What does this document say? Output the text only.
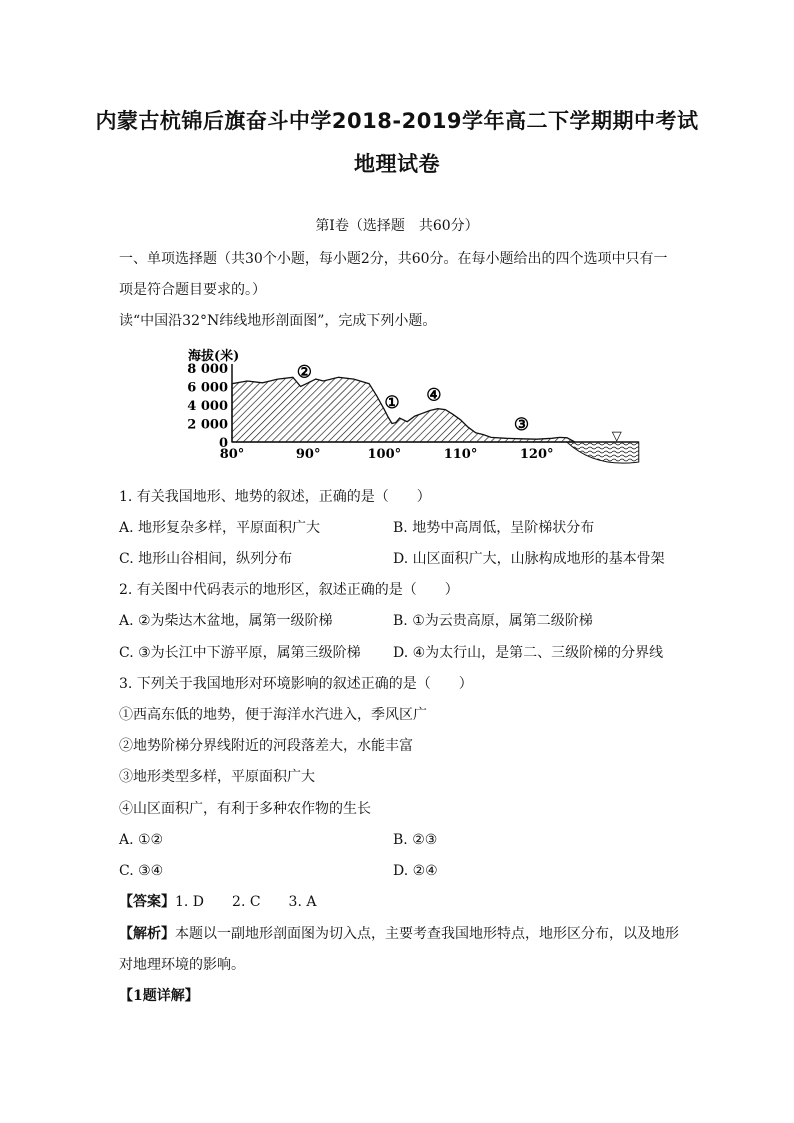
内蒙古杭锦后旗奋斗中学2018-2019学年高二下学期期中考试
地理试卷
第Ⅰ卷（选择题　共60分）
一、单项选择题（共30个小题，每小题2分，共60分。在每小题给出的四个选项中只有一
项是符合题目要求的。）
读“中国沿32°N纬线地形剖面图”，完成下列小题。
海拔(米)
8 000
6 000
4 000
2 000
0
80°	90°	100°	110°	120°
▽
②
① ④
③
1. 有关我国地形、地势的叙述，正确的是（　　）
A. 地形复杂多样，平原面积广大	B. 地势中高周低，呈阶梯状分布
C. 地形山谷相间，纵列分布	D. 山区面积广大，山脉构成地形的基本骨架
2. 有关图中代码表示的地形区，叙述正确的是（　　）
A. ②为柴达木盆地，属第一级阶梯	B. ①为云贵高原，属第二级阶梯
C. ③为长江中下游平原，属第三级阶梯 D. ④为太行山，是第二、三级阶梯的分界线
3. 下列关于我国地形对环境影响的叙述正确的是（　　）
①西高东低的地势，便于海洋水汽进入，季风区广
②地势阶梯分界线附近的河段落差大，水能丰富
③地形类型多样，平原面积广大
④山区面积广，有利于多种农作物的生长
A. ①②	B. ②③
C. ③④	D. ②④
【答案】1. D　　2. C　　3. A
【解析】本题以一副地形剖面图为切入点，主要考查我国地形特点，地形区分布，以及地形
对地理环境的影响。
【1题详解】
